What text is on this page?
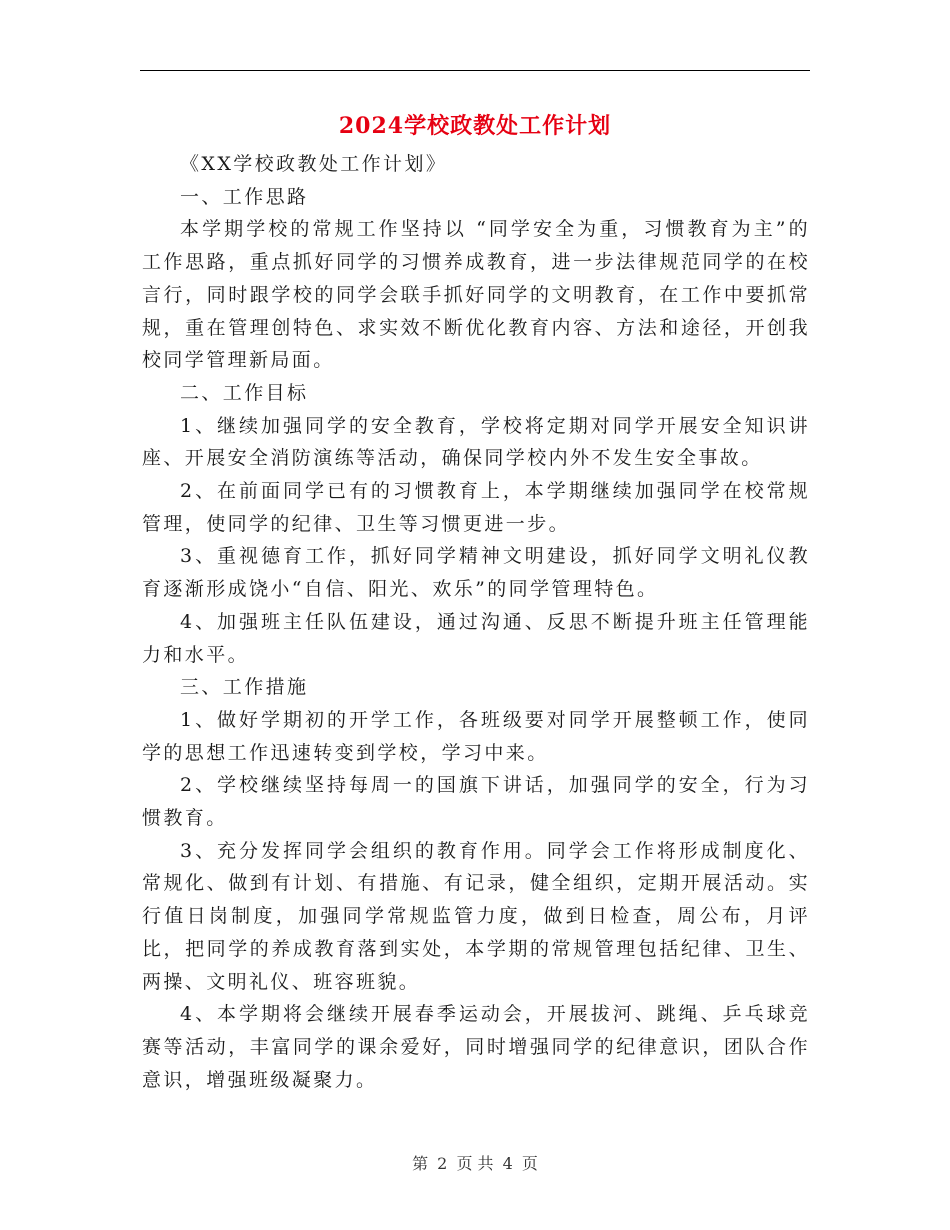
2024学校政教处工作计划

《XX学校政教处工作计划》

一、工作思路

本学期学校的常规工作坚持以 “同学安全为重，习惯教育为主”的工作思路，重点抓好同学的习惯养成教育，进一步法律规范同学的在校言行，同时跟学校的同学会联手抓好同学的文明教育，在工作中要抓常规，重在管理创特色、求实效不断优化教育内容、方法和途径，开创我校同学管理新局面。

二、工作目标

1、继续加强同学的安全教育，学校将定期对同学开展安全知识讲座、开展安全消防演练等活动，确保同学校内外不发生安全事故。

2、在前面同学已有的习惯教育上，本学期继续加强同学在校常规管理，使同学的纪律、卫生等习惯更进一步。

3、重视德育工作，抓好同学精神文明建设，抓好同学文明礼仪教育逐渐形成饶小“自信、阳光、欢乐”的同学管理特色。

4、加强班主任队伍建设，通过沟通、反思不断提升班主任管理能力和水平。

三、工作措施

1、做好学期初的开学工作，各班级要对同学开展整顿工作，使同学的思想工作迅速转变到学校，学习中来。

2、学校继续坚持每周一的国旗下讲话，加强同学的安全，行为习惯教育。

3、充分发挥同学会组织的教育作用。同学会工作将形成制度化、常规化、做到有计划、有措施、有记录，健全组织，定期开展活动。实行值日岗制度，加强同学常规监管力度，做到日检查，周公布，月评比，把同学的养成教育落到实处，本学期的常规管理包括纪律、卫生、两操、文明礼仪、班容班貌。

4、本学期将会继续开展春季运动会，开展拔河、跳绳、乒乓球竞赛等活动，丰富同学的课余爱好，同时增强同学的纪律意识，团队合作意识，增强班级凝聚力。

第 2 页 共 4 页
